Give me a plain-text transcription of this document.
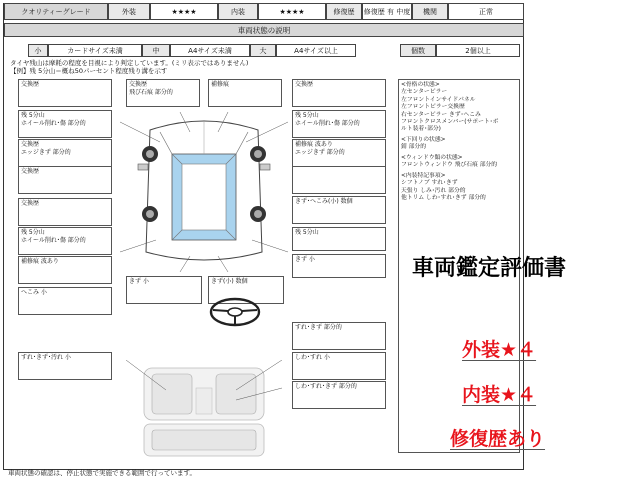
クオリティーグレード	外装	★★★★	内装	★★★★	修復歴	修復歴 有 中度	機関	正常
車両状態の説明
小	カードサイズ未満	中	A4サイズ未満	大	A4サイズ以上	個数	2個以上
タイヤ残山は摩耗の程度を目視により判定しています。(ミリ表示ではありません)
【例】残 5分山＝概ね50パーセント程度残り溝を示す
交換歴
残 5分山
ホイール削れ･傷 部分的
交換歴
エッジきず 部分的
交換歴
交換歴
残 5分山
ホイール削れ･傷 部分的
補修痕 波あり
へこみ 小
交換歴
飛び石痕 部分的
補修痕
きず 小	きず(小) 数個
交換歴
残 5分山
ホイール削れ･傷 部分的
補修痕 波あり
エッジきず 部分的
きず･へこみ(小) 数個
残 5分山
きず 小
すれ･きず 部分的
すれ･きず･汚れ 小	しわ･すれ 小
しわ･すれ･きず 部分的
<骨格の状態>
左センターピラー
左フロントインサイドパネル
左フロントピラー交換歴
右センターピラー きず･へこみ
フロントクロスメンバー(サポート･ボ
ルト装着･部分)
<下回りの状態>
錆 部分的
<ウィンドウ類の状態>
フロントウィンドウ 飛び石痕 部分的
<内装特記事項>
シフトノブ すれ･きず
天張り しみ･汚れ 部分的
他トリム しわ･すれ･きず 部分的
車両状態の確認は、停止状態で実施できる範囲で行っています。
車両鑑定評価書
外装★４
内装★４
修復歴あり
